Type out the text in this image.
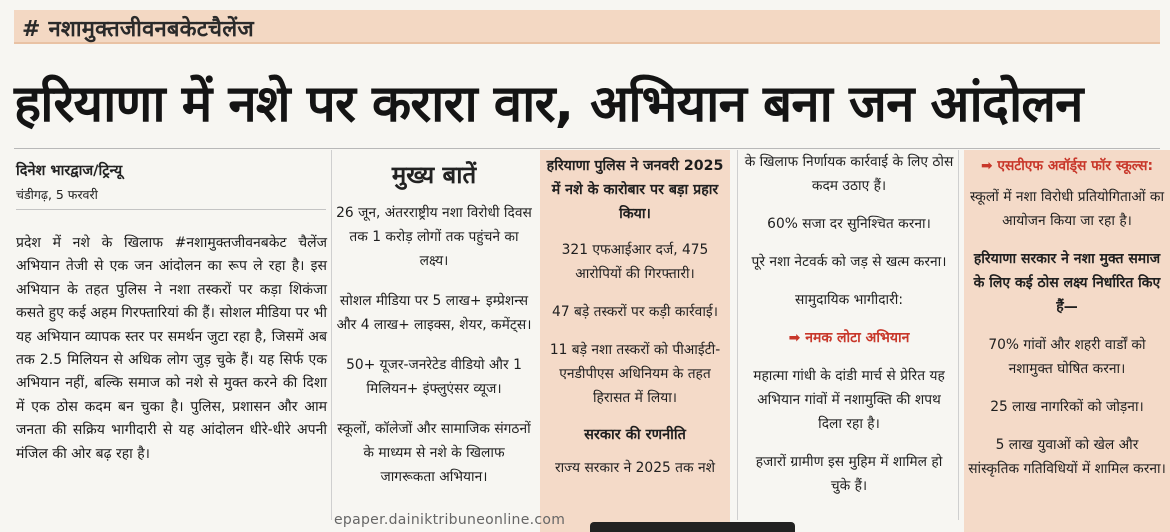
# नशामुक्तजीवनबकेटचैलेंज
हरियाणा में नशे पर करारा वार, अभियान बना जन आंदोलन
दिनेश भारद्वाज/ट्रिन्यू
चंडीगढ़, 5 फरवरी
प्रदेश में नशे के खिलाफ #नशामुक्तजीवनबकेट चैलेंज अभियान तेजी से एक जन आंदोलन का रूप ले रहा है। इस अभियान के तहत पुलिस ने नशा तस्करों पर कड़ा शिकंजा कसते हुए कई अहम गिरफ्तारियां की हैं। सोशल मीडिया पर भी यह अभियान व्यापक स्तर पर समर्थन जुटा रहा है, जिसमें अब तक 2.5 मिलियन से अधिक लोग जुड़ चुके हैं। यह सिर्फ एक अभियान नहीं, बल्कि समाज को नशे से मुक्त करने की दिशा में एक ठोस कदम बन चुका है। पुलिस, प्रशासन और आम जनता की सक्रिय भागीदारी से यह आंदोलन धीरे-धीरे अपनी मंजिल की ओर बढ़ रहा है।
मुख्य बातें

26 जून, अंतरराष्ट्रीय नशा विरोधी दिवस तक 1 करोड़ लोगों तक पहुंचने का लक्ष्य।

सोशल मीडिया पर 5 लाख+ इम्प्रेशन्स और 4 लाख+ लाइक्स, शेयर, कमेंट्स।

50+ यूजर-जनरेटेड वीडियो और 1 मिलियन+ इंफ्लुएंसर व्यूज।

स्कूलों, कॉलेजों और सामाजिक संगठनों के माध्यम से नशे के खिलाफ जागरूकता अभियान।

हरियाणा पुलिस ने जनवरी 2025 में नशे के कारोबार पर बड़ा प्रहार किया।

321 एफआईआर दर्ज, 475 आरोपियों की गिरफ्तारी।

47 बड़े तस्करों पर कड़ी कार्रवाई।

11 बड़े नशा तस्करों को पीआईटी-एनडीपीएस अधिनियम के तहत हिरासत में लिया।

सरकार की रणनीति
राज्य सरकार ने 2025 तक नशे

के खिलाफ निर्णायक कार्रवाई के लिए ठोस कदम उठाए हैं।

60% सजा दर सुनिश्चित करना।

पूरे नशा नेटवर्क को जड़ से खत्म करना।

सामुदायिक भागीदारी:

➡ नमक लोटा अभियान

महात्मा गांधी के दांडी मार्च से प्रेरित यह अभियान गांवों में नशामुक्ति की शपथ दिला रहा है।

हजारों ग्रामीण इस मुहिम में शामिल हो चुके हैं।

➡ एसटीएफ अवॉर्ड्स फॉर स्कूल्स:

स्कूलों में नशा विरोधी प्रतियोगिताओं का आयोजन किया जा रहा है।

हरियाणा सरकार ने नशा मुक्त समाज के लिए कई ठोस लक्ष्य निर्धारित किए हैं—

70% गांवों और शहरी वार्डों को नशामुक्त घोषित करना।

25 लाख नागरिकों को जोड़ना।

5 लाख युवाओं को खेल और सांस्कृतिक गतिविधियों में शामिल करना।

epaper.dainiktribuneonline.com
